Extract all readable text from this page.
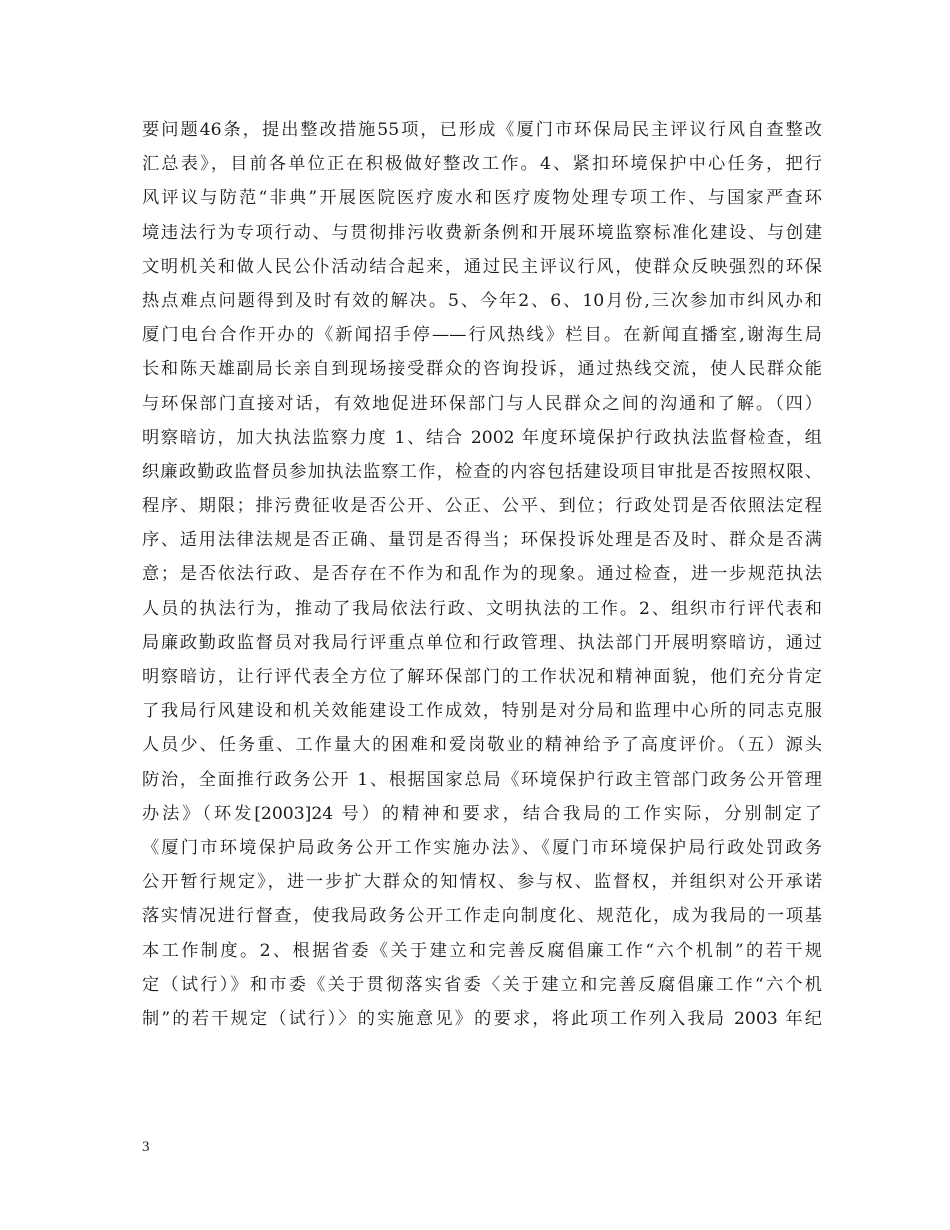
要问题46条，提出整改措施55项，已形成《厦门市环保局民主评议行风自查整改
汇总表》，目前各单位正在积极做好整改工作。4、紧扣环境保护中心任务，把行
风评议与防范“非典”开展医院医疗废水和医疗废物处理专项工作、与国家严查环
境违法行为专项行动、与贯彻排污收费新条例和开展环境监察标准化建设、与创建
文明机关和做人民公仆活动结合起来，通过民主评议行风，使群众反映强烈的环保
热点难点问题得到及时有效的解决。5、今年2、6、10月份,三次参加市纠风办和
厦门电台合作开办的《新闻招手停——行风热线》栏目。在新闻直播室,谢海生局
长和陈天雄副局长亲自到现场接受群众的咨询投诉，通过热线交流，使人民群众能
与环保部门直接对话，有效地促进环保部门与人民群众之间的沟通和了解。（四）
明察暗访，加大执法监察力度 1、结合 2002 年度环境保护行政执法监督检查，组
织廉政勤政监督员参加执法监察工作，检查的内容包括建设项目审批是否按照权限、
程序、期限；排污费征收是否公开、公正、公平、到位；行政处罚是否依照法定程
序、适用法律法规是否正确、量罚是否得当；环保投诉处理是否及时、群众是否满
意；是否依法行政、是否存在不作为和乱作为的现象。通过检查，进一步规范执法
人员的执法行为，推动了我局依法行政、文明执法的工作。2、组织市行评代表和
局廉政勤政监督员对我局行评重点单位和行政管理、执法部门开展明察暗访，通过
明察暗访，让行评代表全方位了解环保部门的工作状况和精神面貌，他们充分肯定
了我局行风建设和机关效能建设工作成效，特别是对分局和监理中心所的同志克服
人员少、任务重、工作量大的困难和爱岗敬业的精神给予了高度评价。（五）源头
防治，全面推行政务公开 1、根据国家总局《环境保护行政主管部门政务公开管理
办法》（环发[2003]24 号）的精神和要求，结合我局的工作实际，分别制定了
《厦门市环境保护局政务公开工作实施办法》、《厦门市环境保护局行政处罚政务
公开暂行规定》，进一步扩大群众的知情权、参与权、监督权，并组织对公开承诺
落实情况进行督查，使我局政务公开工作走向制度化、规范化，成为我局的一项基
本工作制度。2、根据省委《关于建立和完善反腐倡廉工作“六个机制”的若干规
定（试行）》和市委《关于贯彻落实省委〈关于建立和完善反腐倡廉工作“六个机
制”的若干规定（试行）〉的实施意见》的要求，将此项工作列入我局 2003 年纪
3
